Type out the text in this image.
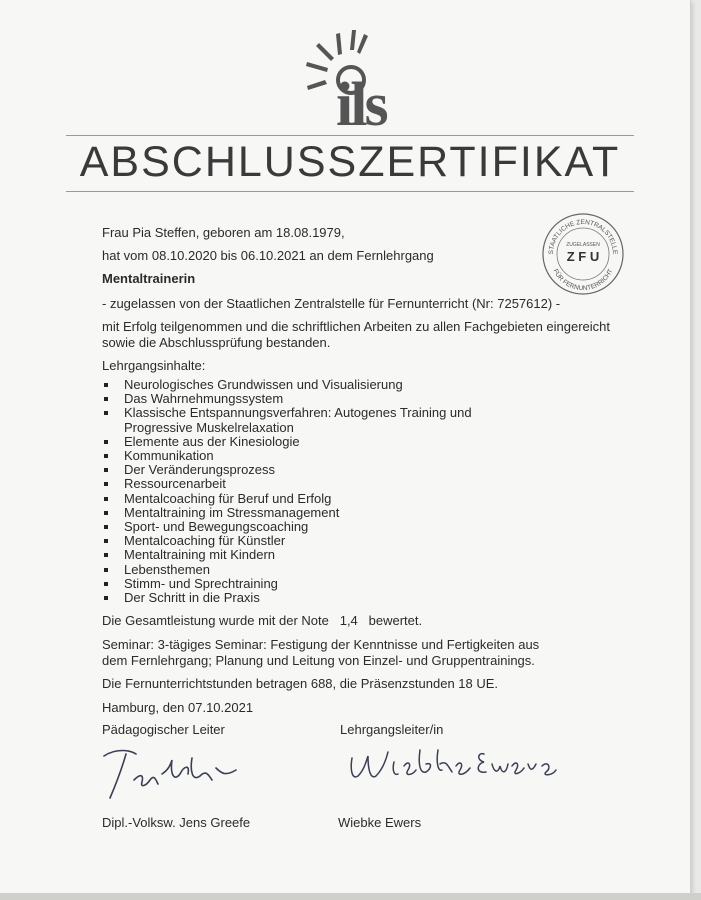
ils
ABSCHLUSSZERTIFIKAT
STAATLICHE ZENTRALSTELLE
FÜR FERNUNTERRICHT
ZUGELASSEN
Z F U
Frau Pia Steffen, geboren am 18.08.1979,
hat vom 08.10.2020 bis 06.10.2021 an dem Fernlehrgang
Mentaltrainerin
- zugelassen von der Staatlichen Zentralstelle für Fernunterricht (Nr: 7257612) -
mit Erfolg teilgenommen und die schriftlichen Arbeiten zu allen Fachgebieten eingereicht sowie die Abschlussprüfung bestanden.
Lehrgangsinhalte:
Neurologisches Grundwissen und Visualisierung
Das Wahrnehmungssystem
Klassische Entspannungsverfahren: Autogenes Training und Progressive Muskelrelaxation
Elemente aus der Kinesiologie
Kommunikation
Der Veränderungsprozess
Ressourcenarbeit
Mentalcoaching für Beruf und Erfolg
Mentaltraining im Stressmanagement
Sport- und Bewegungscoaching
Mentalcoaching für Künstler
Mentaltraining mit Kindern
Lebensthemen
Stimm- und Sprechtraining
Der Schritt in die Praxis
Die Gesamtleistung wurde mit der Note 1,4 bewertet.
Seminar: 3-tägiges Seminar: Festigung der Kenntnisse und Fertigkeiten aus dem Fernlehrgang; Planung und Leitung von Einzel- und Gruppentrainings.
Die Fernunterrichtstunden betragen 688, die Präsenzstunden 18 UE.
Hamburg, den 07.10.2021
Pädagogischer Leiter	Lehrgangsleiter/in
Dipl.-Volksw. Jens Greefe	Wiebke Ewers
